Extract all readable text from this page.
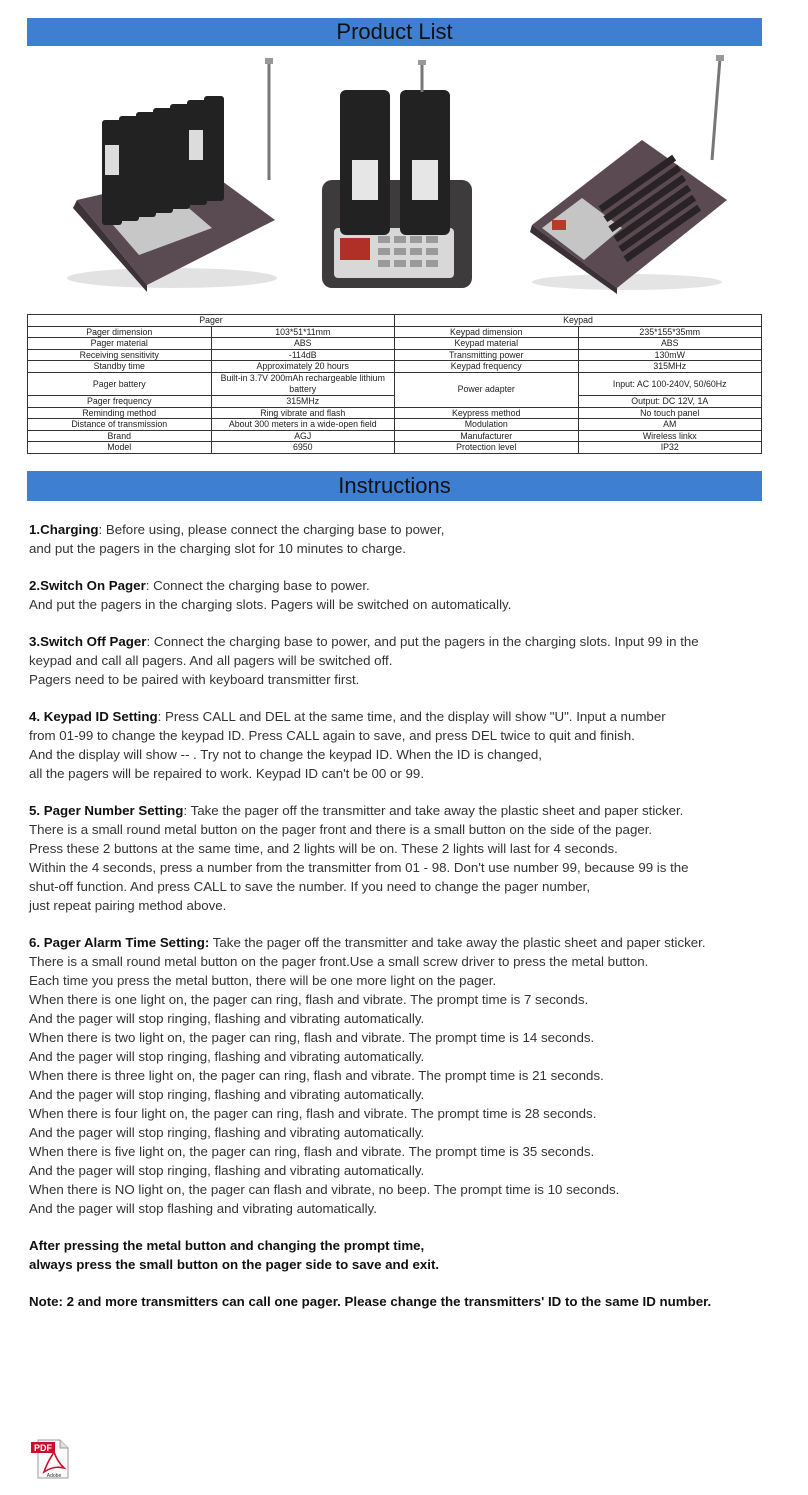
Product List
Pager		Keypad	
Pager dimension	103*51*11mm	Keypad dimension	235*155*35mm
Pager material	ABS	Keypad material	ABS
Receiving sensitivity	-114dB	Transmitting power	130mW
Standby time	Approximately 20 hours	Keypad frequency	315MHz
Pager battery	Built-in 3.7V 200mAh rechargeable lithium battery	Power adapter	Input: AC 100-240V, 50/60Hz
Pager frequency	315MHz		Output: DC 12V, 1A
Reminding method	Ring vibrate and flash	Keypress method	No touch panel
Distance of transmission	About 300 meters in a wide-open field	Modulation	AM
Brand	AGJ	Manufacturer	Wireless linkx
Model	6950	Protection level	IP32
Instructions

1.Charging: Before using, please connect the charging base to power,
and put the pagers in the charging slot for 10 minutes to charge.

2.Switch On Pager: Connect the charging base to power.
And put the pagers in the charging slots. Pagers will be switched on automatically.

3.Switch Off Pager: Connect the charging base to power, and put the pagers in the charging slots. Input 99 in the
keypad and call all pagers. And all pagers will be switched off.
Pagers need to be paired with keyboard transmitter first.

4. Keypad ID Setting: Press CALL and DEL at the same time, and the display will show "U". Input a number
from 01-99 to change the keypad ID. Press CALL again to save, and press DEL twice to quit and finish.
And the display will show -- . Try not to change the keypad ID. When the ID is changed,
all the pagers will be repaired to work. Keypad ID can't be 00 or 99.

5. Pager Number Setting: Take the pager off the transmitter and take away the plastic sheet and paper sticker.
There is a small round metal button on the pager front and there is a small button on the side of the pager.
Press these 2 buttons at the same time, and 2 lights will be on. These 2 lights will last for 4 seconds.
Within the 4 seconds, press a number from the transmitter from 01 - 98. Don't use number 99, because 99 is the
shut-off function. And press CALL to save the number. If you need to change the pager number,
just repeat pairing method above.

6. Pager Alarm Time Setting: Take the pager off the transmitter and take away the plastic sheet and paper sticker.
There is a small round metal button on the pager front.Use a small screw driver to press the metal button.
Each time you press the metal button, there will be one more light on the pager.
When there is one light on, the pager can ring, flash and vibrate. The prompt time is 7 seconds.
And the pager will stop ringing, flashing and vibrating automatically.
When there is two light on, the pager can ring, flash and vibrate. The prompt time is 14 seconds.
And the pager will stop ringing, flashing and vibrating automatically.
When there is three light on, the pager can ring, flash and vibrate. The prompt time is 21 seconds.
And the pager will stop ringing, flashing and vibrating automatically.
When there is four light on, the pager can ring, flash and vibrate. The prompt time is 28 seconds.
And the pager will stop ringing, flashing and vibrating automatically.
When there is five light on, the pager can ring, flash and vibrate. The prompt time is 35 seconds.
And the pager will stop ringing, flashing and vibrating automatically.
When there is NO light on, the pager can flash and vibrate, no beep. The prompt time is 10 seconds.
And the pager will stop flashing and vibrating automatically.

After pressing the metal button and changing the prompt time,
always press the small button on the pager side to save and exit.

Note: 2 and more transmitters can call one pager. Please change the transmitters' ID to the same ID number.

PDF
Adobe
